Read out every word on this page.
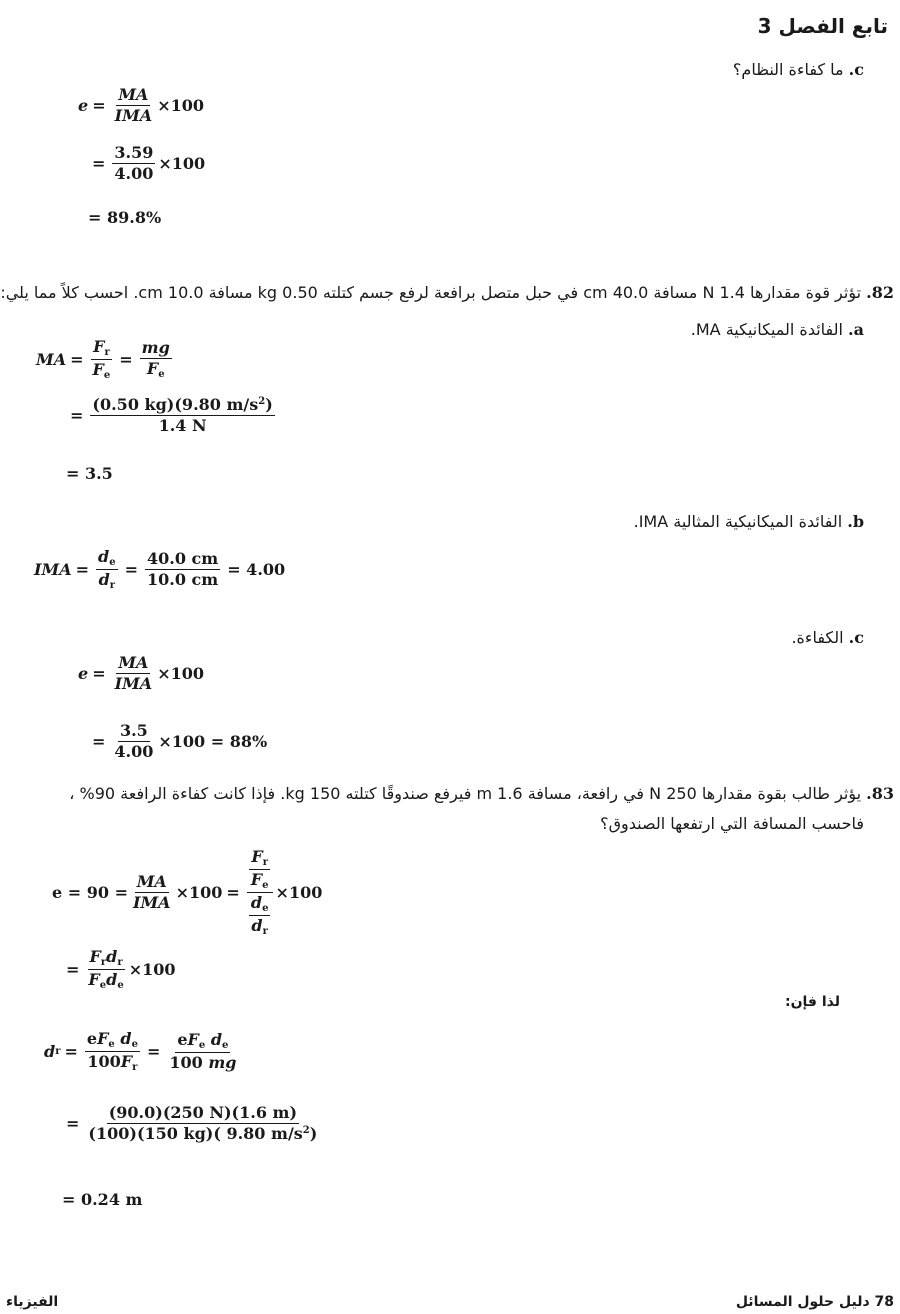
تابع الفصل 3
c. ما كفاءة النظام؟
$e = \frac{MA}{\text{IMA}} \times 100$
= $\frac{3.59}{4.00} \times 100$
= 89.8%
82. تؤثر قوة مقدارها 1.4 N مسافة 40.0 cm في حبل متصل برافعة لرفع جسم كتلته 0.50 kg مسافة 10.0 cm. احسب كلاً مما يلي:
a. الفائدة الميكانيكية MA.
MA = $\frac{F_r}{F_e} = \frac{mg}{F_e}$
= $\frac{(0.50 kg)(9.80 m/s^2)}{1.4 N}$
= 3.5
b. الفائدة الميكانيكية المثالية IMA.
IMA = $\frac{d_e}{d_r} = \frac{40.0 cm}{10.0 cm} = 4.00$
c. الكفاءة.
$e = \frac{MA}{\text{IMA}} \times 100$
= $\frac{3.5}{4.00} \times 100 = 88\%$
83. يؤثر طالب بقوة مقدارها 250 N في رافعة، مسافة 1.6 m فيرفع صندوقًا كتلته 150 kg. فإذا كانت كفاءة الرافعة 90% ،
فاحسب المسافة التي ارتفعها الصندوق؟
$e = 90 = \frac{MA}{\text{IMA}} \times 100 = \frac{\frac{F_r}{F_e}}{\frac{d_e}{d_r}} \times 100$
= $\frac{F_rd_r}{F_ed_e} \times 100$
لذا فإن:
d $r = \frac{eF_e d_e}{100F_r} = \frac{eF_e d_e}{100 mg}$
= $\frac{(90.0)(250 N)(1.6 m)}{(100)(150 kg)( 9.80 m/s^2)}$
= 0.24 m
الفيزياء	78 دليل حلول المسائل
